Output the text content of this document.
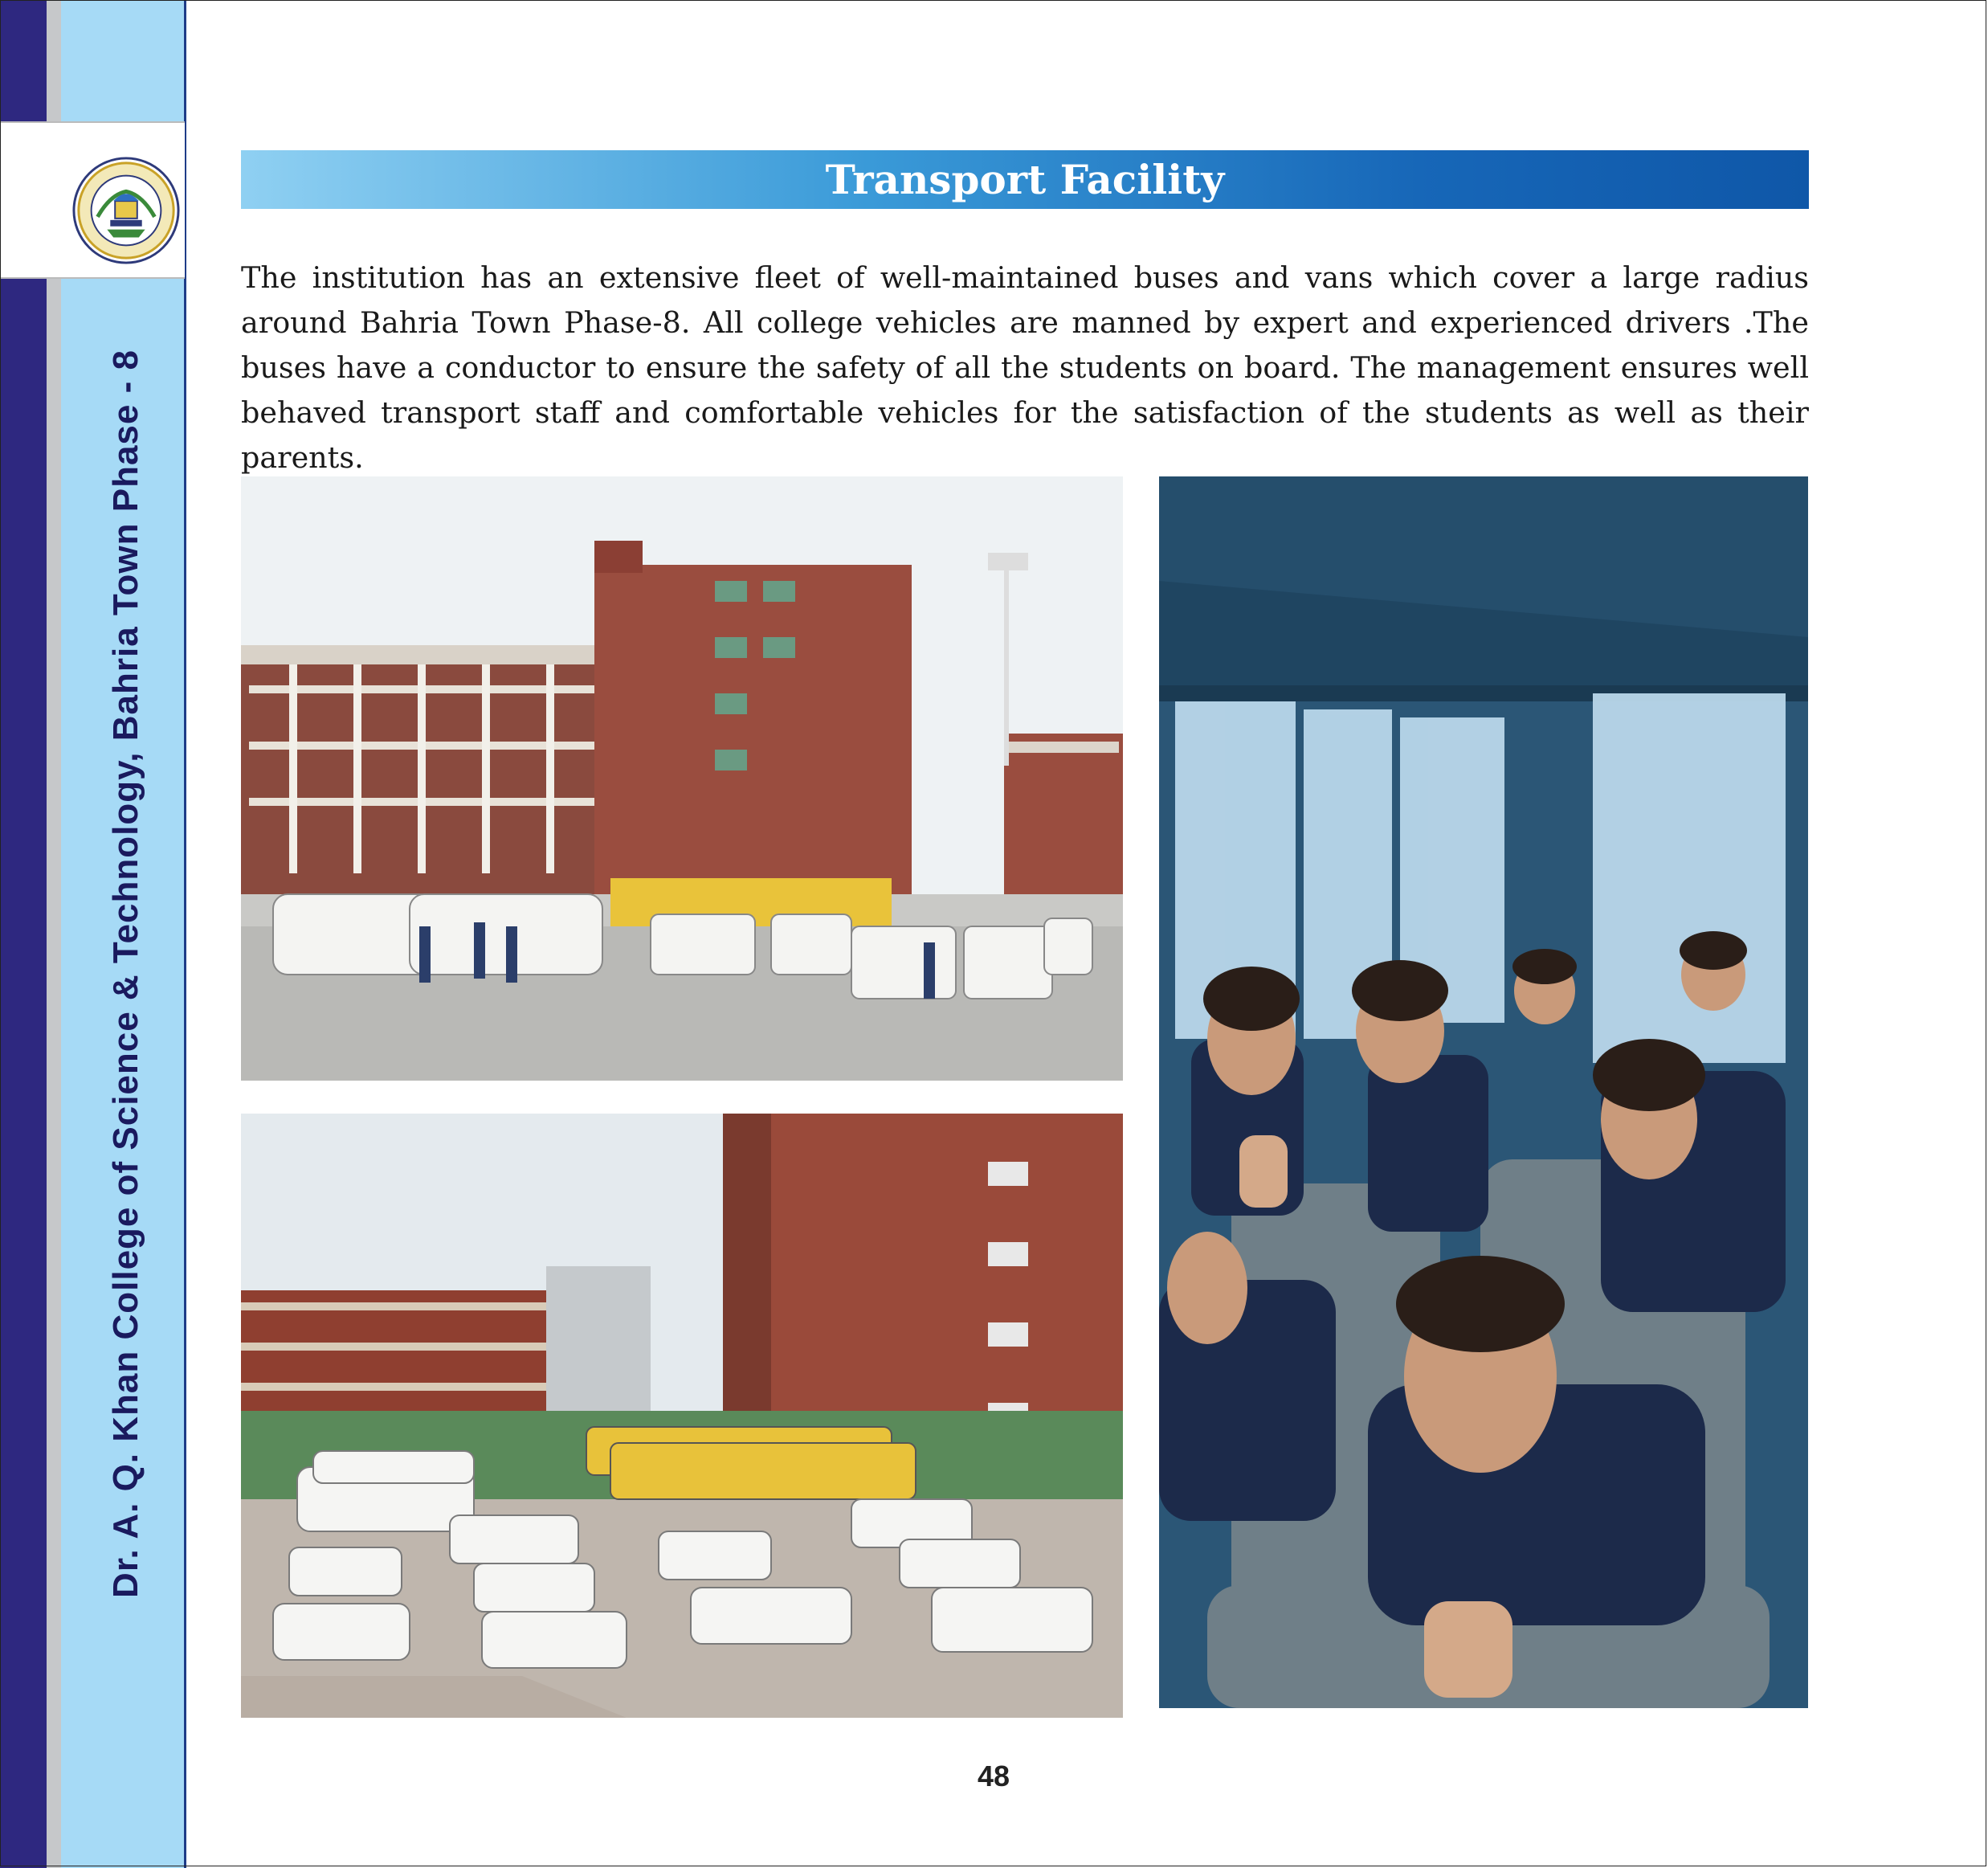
Dr. A. Q. Khan College of Science & Technology, Bahria Town Phase - 8
Transport Facility

The institution has an extensive fleet of well-maintained buses and vans which cover a large radius around Bahria Town Phase-8. All college vehicles are manned by expert and experienced drivers .The buses have a conductor to ensure the safety of all the students on board. The management ensures well behaved transport staff and comfortable vehicles for the satisfaction of the students as well as their parents.

48
